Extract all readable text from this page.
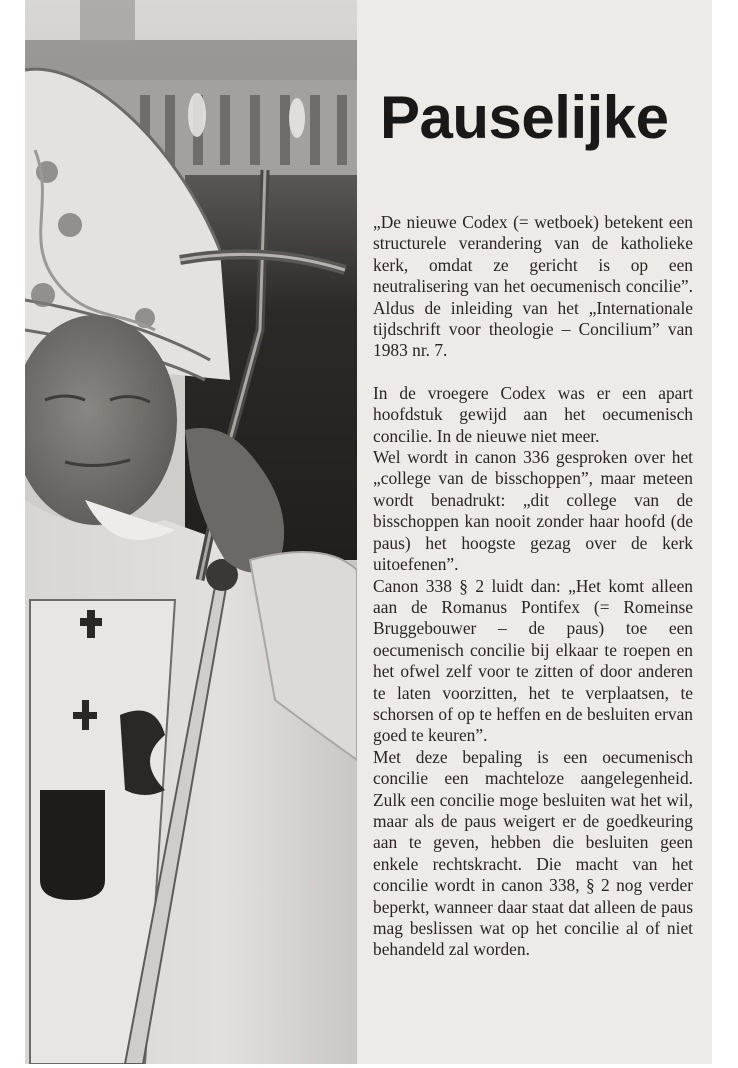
Pauselijke

„De nieuwe Codex (= wetboek) betekent een structurele verandering van de katholieke kerk, omdat ze gericht is op een neutralisering van het oecumenisch concilie”. Aldus de inleiding van het „Internationale tijdschrift voor theologie – Concilium” van 1983 nr. 7.

In de vroegere Codex was er een apart hoofdstuk gewijd aan het oecumenisch concilie. In de nieuwe niet meer.

Wel wordt in canon 336 gesproken over het „college van de bisschoppen”, maar meteen wordt benadrukt: „dit college van de bisschoppen kan nooit zonder haar hoofd (de paus) het hoogste gezag over de kerk uitoefenen”.

Canon 338 § 2 luidt dan: „Het komt alleen aan de Romanus Pontifex (= Romeinse Bruggebouwer – de paus) toe een oecumenisch concilie bij elkaar te roepen en het ofwel zelf voor te zitten of door anderen te laten voorzitten, het te verplaatsen, te schorsen of op te heffen en de besluiten ervan goed te keuren”.

Met deze bepaling is een oecumenisch concilie een machteloze aangelegenheid. Zulk een concilie moge besluiten wat het wil, maar als de paus weigert er de goedkeuring aan te geven, hebben die besluiten geen enkele rechtskracht. Die macht van het concilie wordt in canon 338, § 2 nog verder beperkt, wanneer daar staat dat alleen de paus mag beslissen wat op het concilie al of niet behandeld zal worden.
